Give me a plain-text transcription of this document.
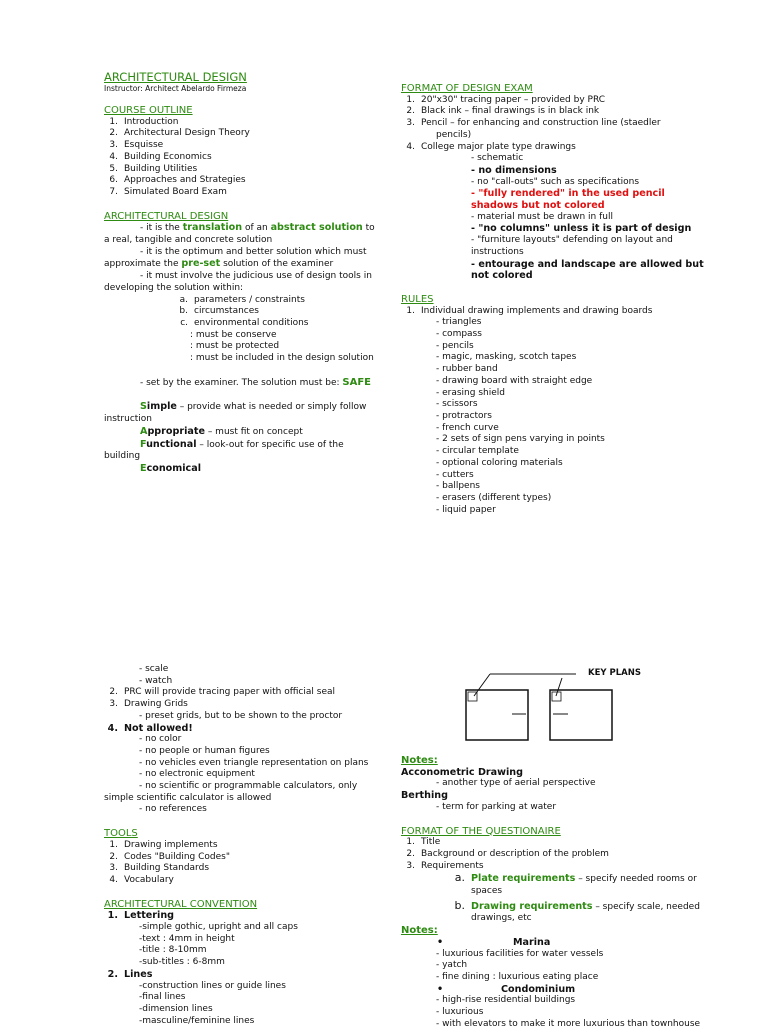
ARCHITECTURAL DESIGN
Instructor: Architect Abelardo Firmeza
COURSE OUTLINE
1. Introduction
2. Architectural Design Theory
3. Esquisse
4. Building Economics
5. Building Utilities
6. Approaches and Strategies
7. Simulated Board Exam
ARCHITECTURAL DESIGN
- it is the translation of an abstract solution to
a real, tangible and concrete solution
- it is the optimum and better solution which must
approximate the pre-set solution of the examiner
- it must involve the judicious use of design tools in
developing the solution within:
a. parameters / constraints
b. circumstances
c. environmental conditions
: must be conserve
: must be protected
: must be included in the design solution
- set by the examiner. The solution must be: SAFE
Simple – provide what is needed or simply follow
instruction
Appropriate – must fit on concept
Functional – look-out for specific use of the
building
Economical
FORMAT OF DESIGN EXAM
1. 20"x30" tracing paper – provided by PRC
2. Black ink – final drawings is in black ink
3. Pencil – for enhancing and construction line (staedler
pencils)
4. College major plate type drawings
- schematic
- no dimensions
- no "call-outs" such as specifications
- "fully rendered" in the used pencil
shadows but not colored
- material must be drawn in full
- "no columns" unless it is part of design
- "furniture layouts" defending on layout and
instructions
- entourage and landscape are allowed but
not colored
RULES
1. Individual drawing implements and drawing boards
- triangles
- compass
- pencils
- magic, masking, scotch tapes
- rubber band
- drawing board with straight edge
- erasing shield
- scissors
- protractors
- french curve
- 2 sets of sign pens varying in points
- circular template
- optional coloring materials
- cutters
- ballpens
- erasers (different types)
- liquid paper
- scale
- watch
2. PRC will provide tracing paper with official seal
3. Drawing Grids
- preset grids, but to be shown to the proctor
4. Not allowed!
- no color
- no people or human figures
- no vehicles even triangle representation on plans
- no electronic equipment
- no scientific or programmable calculators, only
simple scientific calculator is allowed
- no references
TOOLS
1. Drawing implements
2. Codes "Building Codes"
3. Building Standards
4. Vocabulary
ARCHITECTURAL CONVENTION
1. Lettering
-simple gothic, upright and all caps
-text : 4mm in height
-title : 8-10mm
-sub-titles : 6-8mm
2. Lines
-construction lines or guide lines
-final lines
-dimension lines
-masculine/feminine lines
KEY PLANS
Notes:
Acconometric Drawing
- another type of aerial perspective
Berthing
- term for parking at water
FORMAT OF THE QUESTIONAIRE
1. Title
2. Background or description of the problem
3. Requirements
a. Plate requirements – specify needed rooms or
spaces
b. Drawing requirements – specify scale, needed
drawings, etc
Notes:
•	Marina

- luxurious facilities for water vessels
- yatch
- fine dining : luxurious eating place
•	Condominium

- high-rise residential buildings
- luxurious
- with elevators to make it more luxurious than townhouse
